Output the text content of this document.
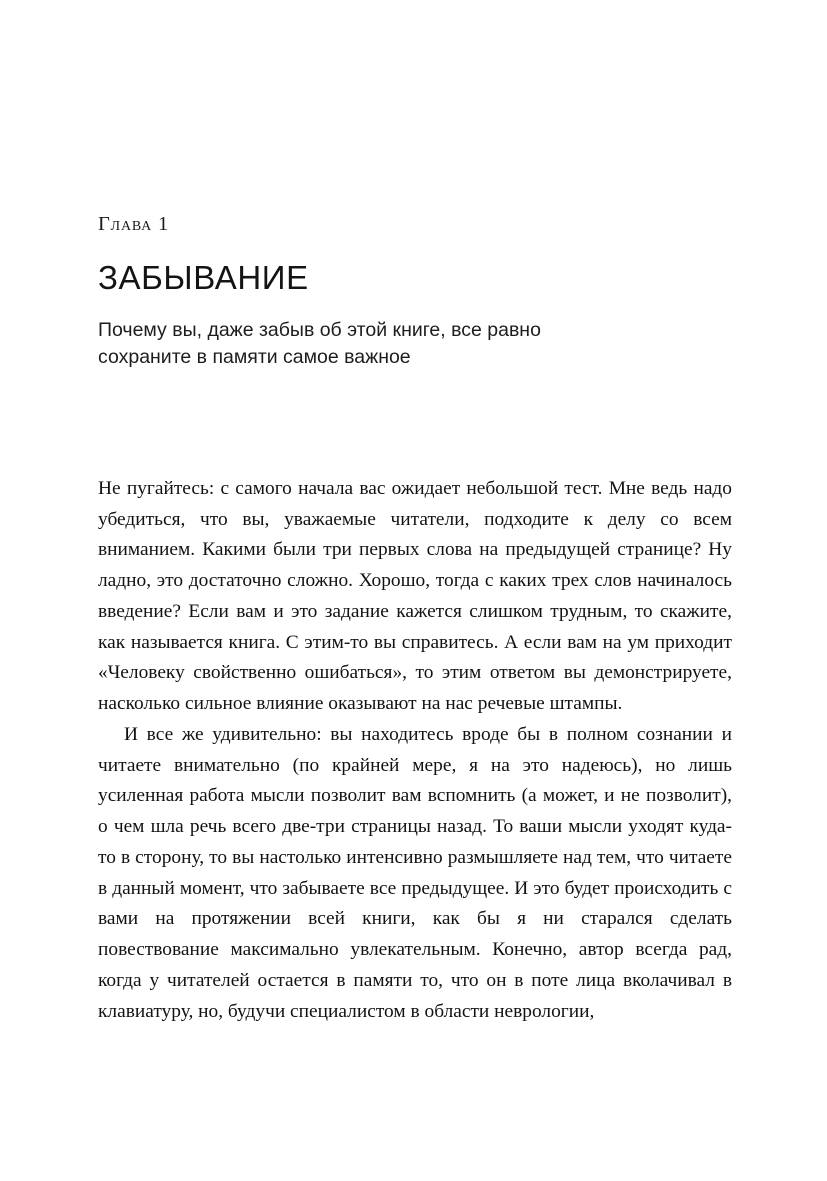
Глава 1
ЗАБЫВАНИЕ
Почему вы, даже забыв об этой книге, все равно сохраните в памяти самое важное

Не пугайтесь: с самого начала вас ожидает небольшой тест. Мне ведь надо убедиться, что вы, уважаемые читатели, подходите к делу со всем вниманием. Какими были три первых слова на предыдущей странице? Ну ладно, это достаточно сложно. Хорошо, тогда с каких трех слов начиналось введение? Если вам и это задание кажется слишком трудным, то скажите, как называется книга. С этим-то вы справитесь. А если вам на ум приходит «Человеку свойственно ошибаться», то этим ответом вы демонстрируете, насколько сильное влияние оказывают на нас речевые штампы.

И все же удивительно: вы находитесь вроде бы в полном сознании и читаете внимательно (по крайней мере, я на это надеюсь), но лишь усиленная работа мысли позволит вам вспомнить (а может, и не позволит), о чем шла речь всего две-три страницы назад. То ваши мысли уходят куда-то в сторону, то вы настолько интенсивно размышляете над тем, что читаете в данный момент, что забываете все предыдущее. И это будет происходить с вами на протяжении всей книги, как бы я ни старался сделать повествование максимально увлекательным. Конечно, автор всегда рад, когда у читателей остается в памяти то, что он в поте лица вколачивал в клавиатуру, но, будучи специалистом в области неврологии,
